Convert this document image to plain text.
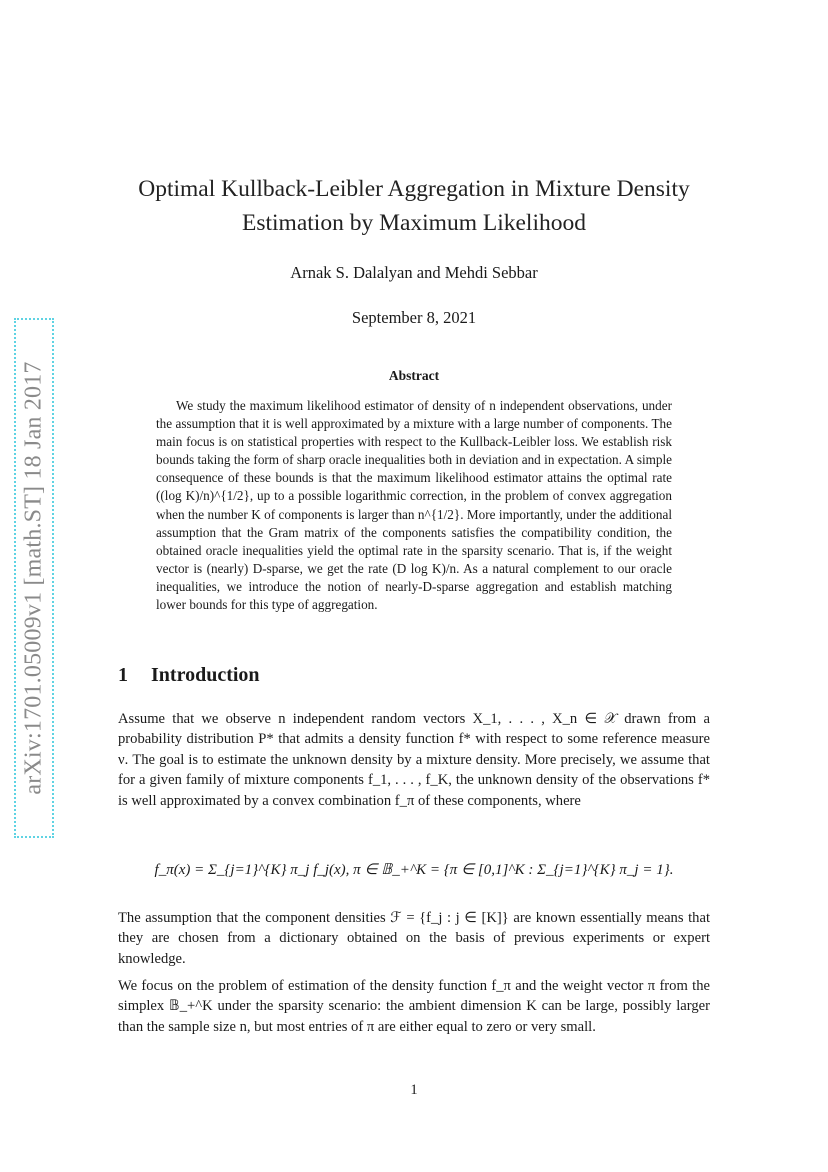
arXiv:1701.05009v1 [math.ST] 18 Jan 2017
Optimal Kullback-Leibler Aggregation in Mixture Density
Estimation by Maximum Likelihood
Arnak S. Dalalyan and Mehdi Sebbar
September 8, 2021
Abstract
We study the maximum likelihood estimator of density of n independent observations, under the assumption that it is well approximated by a mixture with a large number of components. The main focus is on statistical properties with respect to the Kullback-Leibler loss. We establish risk bounds taking the form of sharp oracle inequalities both in deviation and in expectation. A simple consequence of these bounds is that the maximum likelihood estimator attains the optimal rate ((log K)/n)^{1/2}, up to a possible logarithmic correction, in the problem of convex aggregation when the number K of components is larger than n^{1/2}. More importantly, under the additional assumption that the Gram matrix of the components satisfies the compatibility condition, the obtained oracle inequalities yield the optimal rate in the sparsity scenario. That is, if the weight vector is (nearly) D-sparse, we get the rate (D log K)/n. As a natural complement to our oracle inequalities, we introduce the notion of nearly-D-sparse aggregation and establish matching lower bounds for this type of aggregation.
1 Introduction
Assume that we observe n independent random vectors X_1, . . . , X_n ∈ 𝒳 drawn from a probability distribution P* that admits a density function f* with respect to some reference measure ν. The goal is to estimate the unknown density by a mixture density. More precisely, we assume that for a given family of mixture components f_1, . . . , f_K, the unknown density of the observations f* is well approximated by a convex combination f_π of these components, where
f_π(x) = Σ_{j=1}^{K} π_j f_j(x), π ∈ 𝔹_+^K = {π ∈ [0,1]^K : Σ_{j=1}^{K} π_j = 1}.
The assumption that the component densities ℱ = {f_j : j ∈ [K]} are known essentially means that they are chosen from a dictionary obtained on the basis of previous experiments or expert knowledge.
We focus on the problem of estimation of the density function f_π and the weight vector π from the simplex 𝔹_+^K under the sparsity scenario: the ambient dimension K can be large, possibly larger than the sample size n, but most entries of π are either equal to zero or very small.
1
